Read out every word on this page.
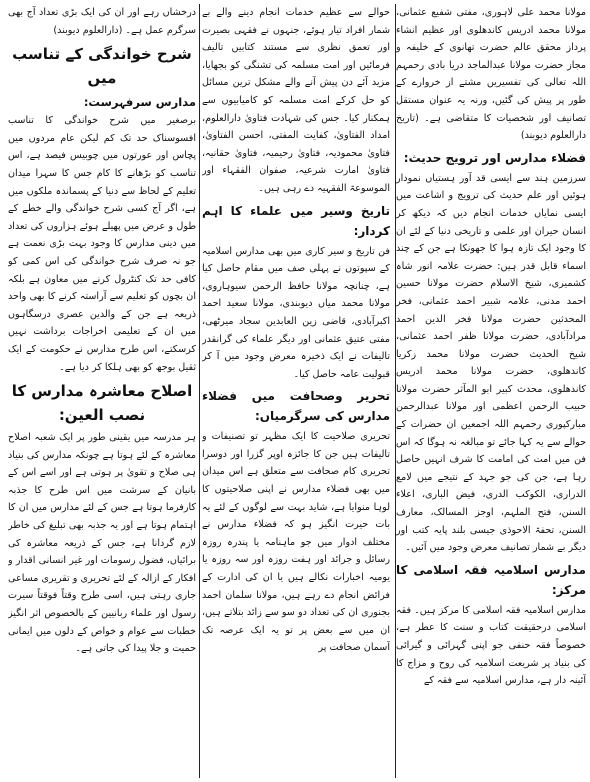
مولانا محمد علی لاہوری، مفتی شفیع عثمانی، مولانا محمد ادریس کاندھلوی اور عظیم انشاء پرداز محقق عالم حضرت تھانوی کے خلیفہ و مجاز حضرت مولانا عبدالماجد دریا بادی رحمہم اللہ تعالی کی تفسیریں مشتے از خروارے کے طور پر پیش کی گئیں، ورنہ یہ عنوان مستقل تصانیف اور شخصیات کا متقاضی ہے۔ (تاریخ دارالعلوم دیوبند)

فضلاء مدارس اور ترویج حدیث:

سرزمین ہند سے ایسی قد آور ہستیاں نمودار ہوئیں اور علم حدیث کی ترویج و اشاعت میں ایسی نمایاں خدمات انجام دیں کہ دیکھ کر انسان حیران اور علمی و تاریخی دنیا کے لئے ان کا وجود ایک تازہ ہوا کا جھونکا ہے جن کے چند اسماء قابل قدر ہیں: حضرت علامہ انور شاہ کشمیری، شیخ الاسلام حضرت مولانا حسین احمد مدنی، علامہ شبیر احمد عثمانی، فخر المحدثین حضرت مولانا فخر الدین احمد مرادآبادی، حضرت مولانا ظفر احمد عثمانی، شیخ الحدیث حضرت مولانا محمد زکریا کاندھلوی، حضرت مولانا محمد ادریس کاندھلوی، محدث کبیر ابو المآثر حضرت مولانا حبیب الرحمن اعظمی اور مولانا عبدالرحمن مبارکپوری رحمہم اللہ اجمعین ان حضرات کے حوالے سے یہ کہا جائے تو مبالغہ نہ ہوگا کہ اس فن میں امت کی امامت کا شرف انہیں حاصل رہا ہے، جن کی جو جہد کے نتیجے میں لامع الدراری، الکوکب الدری، فیض الباری، اعلاء السنن، فتح الملہم، اوجز المسالک، معارف السنن، تحفۃ الاحوذی جیسی بلند پایہ کتب اور دیگر بے شمار تصانیف معرض وجود میں آئیں۔

مدارس اسلامیہ فقہ اسلامی کا مرکز:

مدارس اسلامیہ فقہ اسلامی کا مرکز ہیں۔ فقہ اسلامی درحقیقت کتاب و سنت کا عطر ہے، خصوصاً فقہ حنفی جو اپنی گہرائی و گیرائی کی بنیاد پر شریعت اسلامیہ کی روح و مزاج کا آئینہ دار ہے، مدارس اسلامیہ سے فقہ کے

حوالے سے عظیم خدمات انجام دینے والے بے شمار افراد تیار ہوئے، جنہوں نے فقہی بصیرت اور تعمق نظری سے مستند کتابیں تالیف فرمائیں اور امت مسلمہ کی تشنگی کو بجھایا، مزید آئے دن پیش آنے والے مشکل ترین مسائل کو حل کرکے امت مسلمہ کو کامیابیوں سے ہمکنار کیا۔ جس کی شہادت فتاویٰ دارالعلوم، امداد الفتاویٰ، کفایت المفتی، احسن الفتاویٰ، فتاویٰ محمودیہ، فتاویٰ رحیمیہ، فتاویٰ حقانیہ، فتاویٰ امارت شرعیہ، صفوان الفقہاء اور الموسوعۃ الفقہیہ دے رہی ہیں۔

تاریخ وسیر میں علماء کا اہم کردار:

فن تاریخ و سیر کاری میں بھی مدارس اسلامیہ کے سپوتوں نے پہلی صف میں مقام حاصل کیا ہے، چنانچہ مولانا حافظ الرحمن سیوہاروی، مولانا محمد میاں دیوبندی، مولانا سعید احمد اکبرآبادی، قاضی زین العابدین سجاد میرٹھی، مفتی عتیق عثمانی اور دیگر علماء کی گرانقدر تالیفات نے ایک ذخیرہ معرض وجود میں آ کر قبولیت عامہ حاصل کیا۔

تحریر وصحافت میں فضلاء مدارس کی سرگرمیاں:

تحریری صلاحیت کا ایک مظہر تو تصنیفات و تالیفات ہیں جن کا جائزہ اوپر گزرا اور دوسرا تحریری کام صحافت سے متعلق ہے اس میدان میں بھی فضلاء مدارس نے اپنی صلاحیتوں کا لوہا منوایا ہے، شاید بہت سے لوگوں کے لئے یہ بات حیرت انگیز ہو کہ فضلاء مدارس نے مختلف ادوار میں جو ماہنامہ یا پندرہ روزہ رسائل و جرائد اور ہفت روزہ اور سہ روزہ یا یومیہ اخبارات نکالے ہیں یا ان کی ادارت کے فرائض انجام دے رہے ہیں، مولانا سلمان احمد بجنوری ان کی تعداد دو سو سے زائد بتلاتے ہیں، ان میں سے بعض پر تو یہ ایک عرصہ تک آسمان صحافت پر

درخشاں رہے اور ان کی ایک بڑی تعداد آج بھی سرگرم عمل ہے۔ (دارالعلوم دیوبند)

شرح خواندگی کے تناسب میں
مدارس سرفہرست:

برصغیر میں شرح خواندگی کا تناسب افسوسناک حد تک کم لیکن عام مردوں میں پچاس اور عورتوں میں چوبیس فیصد ہے، اس تناسب کو بڑھانے کا کام جس کا سہرا میدان تعلیم کے لحاظ سے دنیا کے پسماندہ ملکوں میں ہے، اگر آج کسی شرح خواندگی والے خطے کے طول و عرض میں پھیلے ہوئے ہزاروں کی تعداد میں دینی مدارس کا وجود بہت بڑی نعمت ہے جو نہ صرف شرح خواندگی کی اس کمی کو کافی حد تک کنٹرول کرنے میں معاون ہے بلکہ ان بچوں کو تعلیم سے آراستہ کرنے کا بھی واحد ذریعہ ہے جن کے والدین عصری درسگاہوں میں ان کے تعلیمی اخراجات برداشت نہیں کرسکتے، اس طرح مدارس نے حکومت کے ایک ثقیل بوجھ کو بھی ہلکا کر دیا ہے۔

اصلاح معاشرہ مدارس کا نصب العین:

ہر مدرسہ میں یقینی طور پر ایک شعبہ اصلاح معاشرہ کے لئے ہوتا ہے چونکہ مدارس کی بنیاد ہی صلاح و تقویٰ پر ہوتی ہے اور اسے اس کے بانیان کے سرشت میں اس طرح کا جذبہ کارفرما ہوتا ہے جس کے لئے مدارس میں ان کا اہتمام ہوتا ہے اور یہ جذبہ بھی تبلیغ کی خاطر لازم گردانا ہے، جس کے ذریعہ معاشرہ کی برائیاں، فضول رسومات اور غیر انسانی اقدار و افکار کے ازالہ کے لئے تحریری و تقریری مساعی جاری رہتی ہیں، اسی طرح وقتاً فوقتاً سیرت رسول اور علماء ربانیین کے بالخصوص اثر انگیز خطبات سے عوام و خواص کے دلوں میں ایمانی حمیت و جلا پیدا کی جاتی ہے۔
